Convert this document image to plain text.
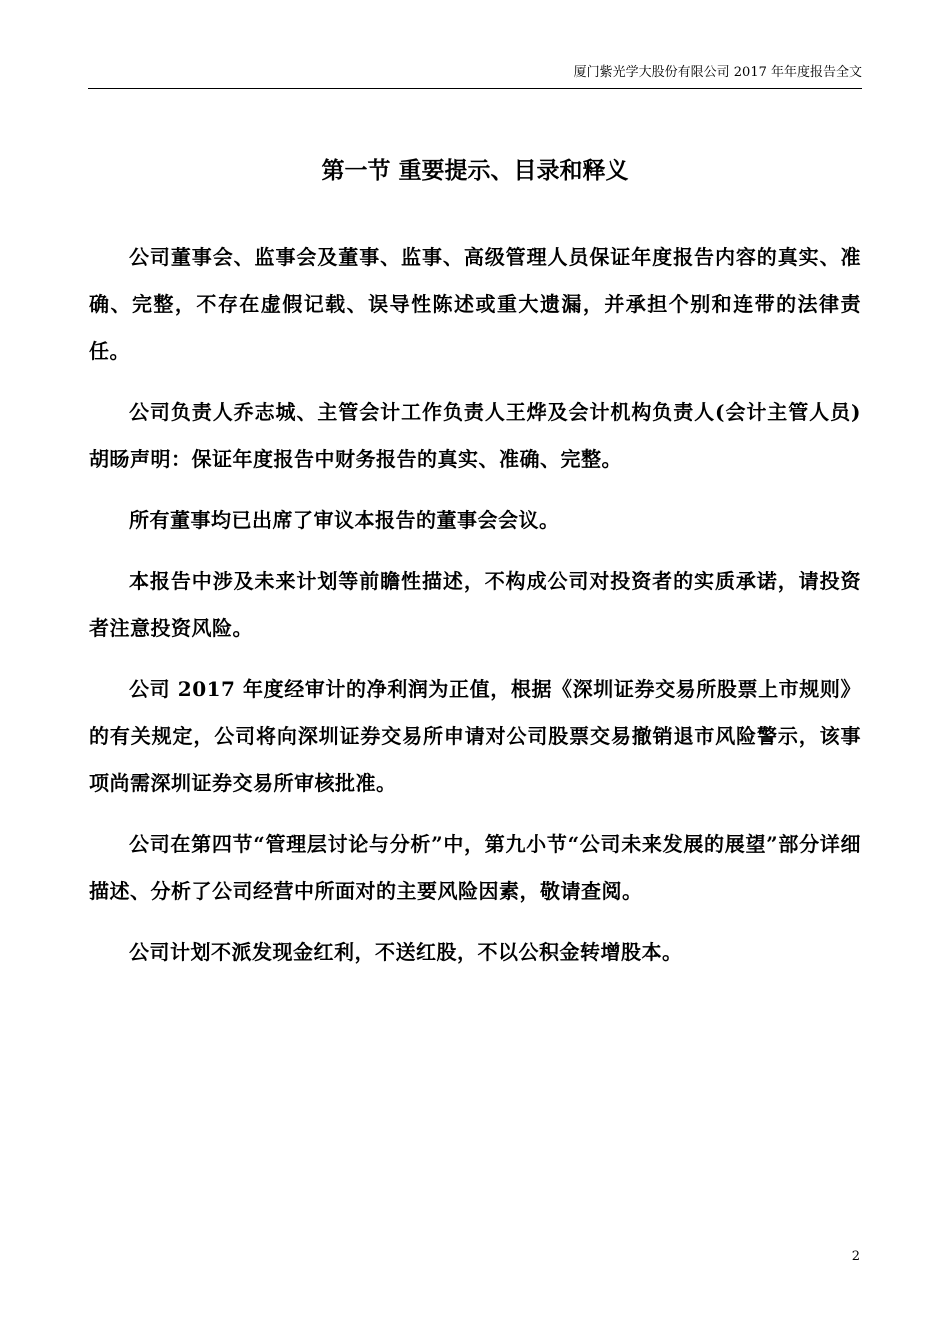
厦门紫光学大股份有限公司 2017 年年度报告全文
第一节 重要提示、目录和释义

公司董事会、监事会及董事、监事、高级管理人员保证年度报告内容的真实、准确、完整，不存在虚假记载、误导性陈述或重大遗漏，并承担个别和连带的法律责任。

公司负责人乔志城、主管会计工作负责人王烨及会计机构负责人(会计主管人员)胡旸声明：保证年度报告中财务报告的真实、准确、完整。

所有董事均已出席了审议本报告的董事会会议。

本报告中涉及未来计划等前瞻性描述，不构成公司对投资者的实质承诺，请投资者注意投资风险。

公司 2017 年度经审计的净利润为正值，根据《深圳证券交易所股票上市规则》的有关规定，公司将向深圳证券交易所申请对公司股票交易撤销退市风险警示，该事项尚需深圳证券交易所审核批准。

公司在第四节“管理层讨论与分析”中，第九小节“公司未来发展的展望”部分详细描述、分析了公司经营中所面对的主要风险因素，敬请查阅。

公司计划不派发现金红利，不送红股，不以公积金转增股本。

2
